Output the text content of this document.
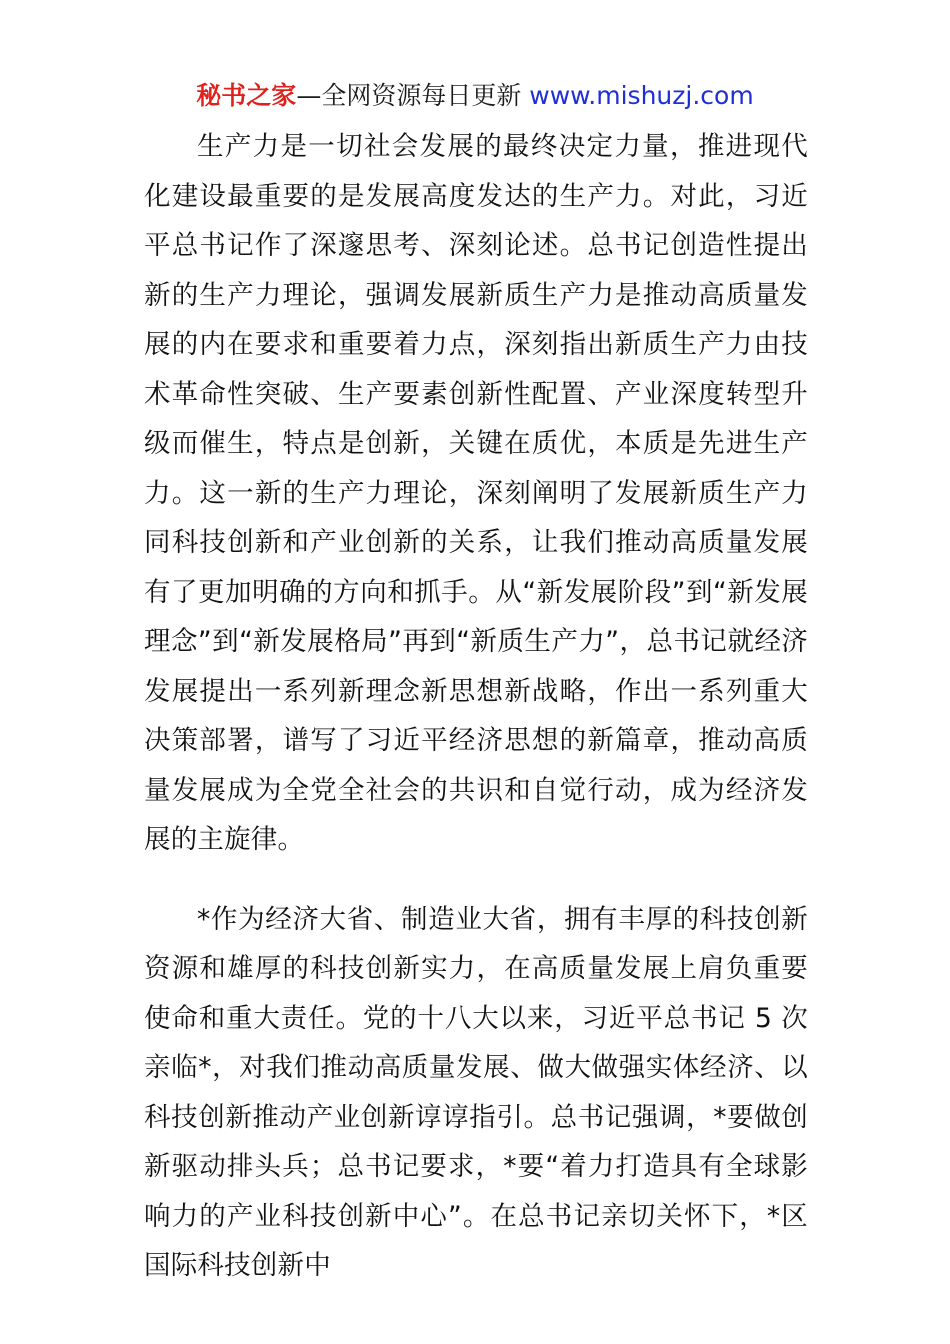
秘书之家—全网资源每日更新 www.mishuzj.com

生产力是一切社会发展的最终决定力量，推进现代化建设最重要的是发展高度发达的生产力。对此，习近平总书记作了深邃思考、深刻论述。总书记创造性提出新的生产力理论，强调发展新质生产力是推动高质量发展的内在要求和重要着力点，深刻指出新质生产力由技术革命性突破、生产要素创新性配置、产业深度转型升级而催生，特点是创新，关键在质优，本质是先进生产力。这一新的生产力理论，深刻阐明了发展新质生产力同科技创新和产业创新的关系，让我们推动高质量发展有了更加明确的方向和抓手。从“新发展阶段”到“新发展理念”到“新发展格局”再到“新质生产力”，总书记就经济发展提出一系列新理念新思想新战略，作出一系列重大决策部署，谱写了习近平经济思想的新篇章，推动高质量发展成为全党全社会的共识和自觉行动，成为经济发展的主旋律。

*作为经济大省、制造业大省，拥有丰厚的科技创新资源和雄厚的科技创新实力，在高质量发展上肩负重要使命和重大责任。党的十八大以来，习近平总书记 5 次亲临*，对我们推动高质量发展、做大做强实体经济、以科技创新推动产业创新谆谆指引。总书记强调，*要做创新驱动排头兵；总书记要求，*要“着力打造具有全球影响力的产业科技创新中心”。在总书记亲切关怀下，*区国际科技创新中
